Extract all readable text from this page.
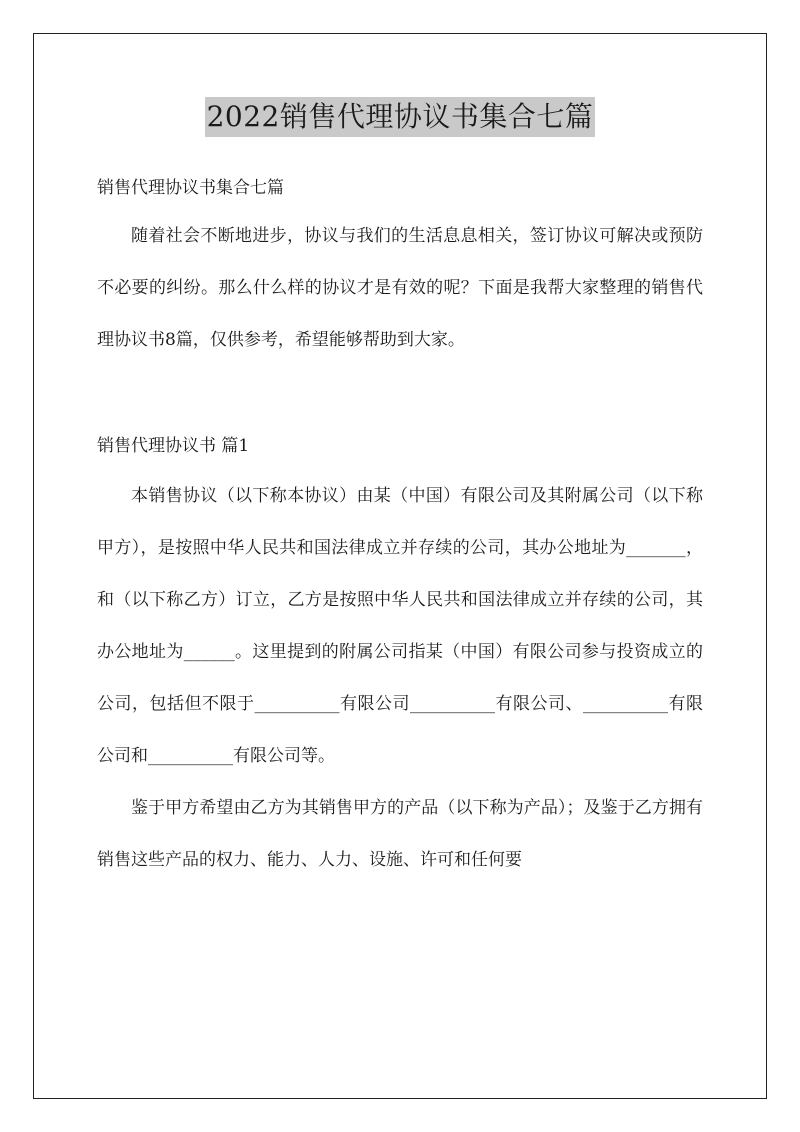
2022销售代理协议书集合七篇

销售代理协议书集合七篇

随着社会不断地进步，协议与我们的生活息息相关，签订协议可解决或预防不必要的纠纷。那么什么样的协议才是有效的呢？下面是我帮大家整理的销售代理协议书8篇，仅供参考，希望能够帮助到大家。

销售代理协议书 篇1

本销售协议（以下称本协议）由某（中国）有限公司及其附属公司（以下称甲方），是按照中华人民共和国法律成立并存续的公司，其办公地址为_______，和（以下称乙方）订立，乙方是按照中华人民共和国法律成立并存续的公司，其办公地址为______。这里提到的附属公司指某（中国）有限公司参与投资成立的公司，包括但不限于__________有限公司__________有限公司、__________有限公司和__________有限公司等。

鉴于甲方希望由乙方为其销售甲方的产品（以下称为产品）；及鉴于乙方拥有销售这些产品的权力、能力、人力、设施、许可和任何要
